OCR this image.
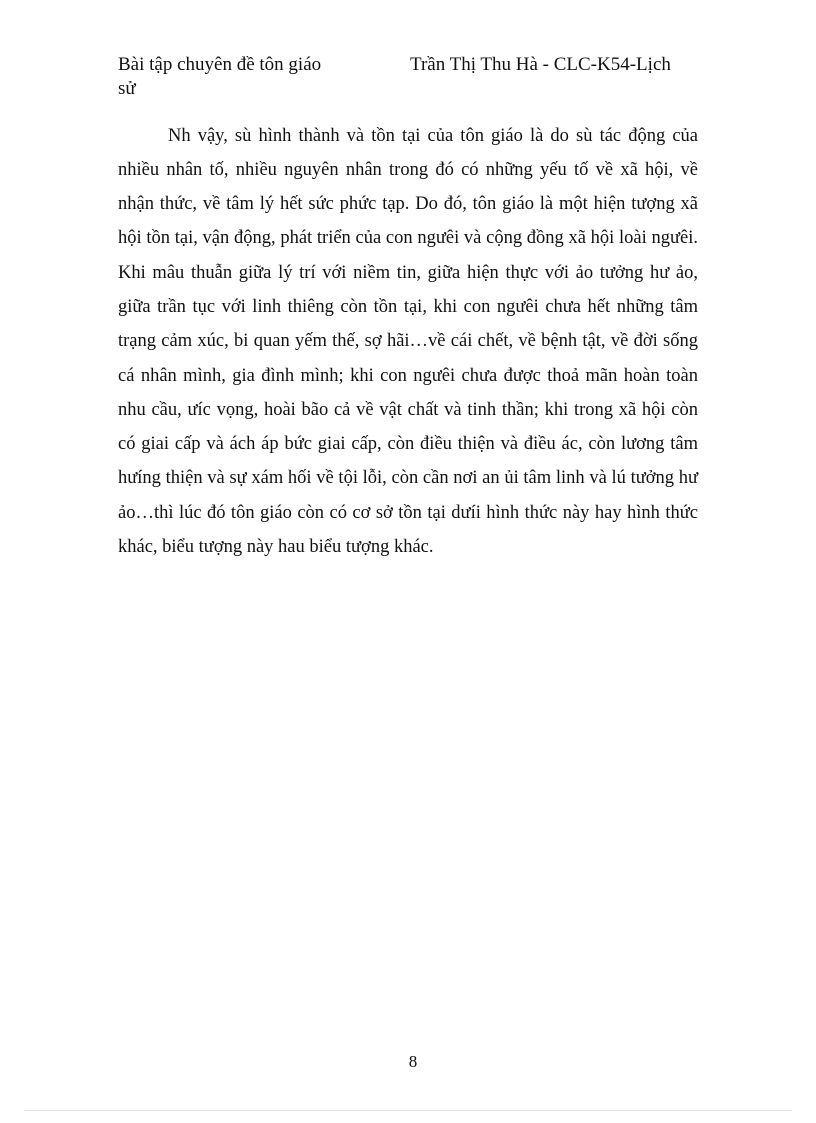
Bài tập chuyên đề tôn giáo	Trần Thị Thu Hà - CLC-K54-Lịch
sử

Nh vậy, sù hình thành và tồn tại của tôn giáo là do sù tác động của nhiều nhân tố, nhiều nguyên nhân trong đó có những yếu tố về xã hội, về nhận thức, về tâm lý hết sức phức tạp. Do đó, tôn giáo là một hiện tượng xã hội tồn tại, vận động, phát triển của con ngưêi và cộng đồng xã hội loài ngưêi. Khi mâu thuẫn giữa lý trí với niềm tin, giữa hiện thực với ảo tưởng hư ảo, giữa trần tục với linh thiêng còn tồn tại, khi con ngưêi chưa hết những tâm trạng cảm xúc, bi quan yếm thế, sợ hãi…về cái chết, về bệnh tật, về đời sống cá nhân mình, gia đình mình; khi con ngưêi chưa được thoả mãn hoàn toàn nhu cầu, ưíc vọng, hoài bão cả về vật chất và tinh thần; khi trong xã hội còn có giai cấp và ách áp bức giai cấp, còn điều thiện và điều ác, còn lương tâm hưíng thiện và sự xám hối về tội lỗi, còn cần nơi an ủi tâm linh và lú tưởng hư ảo…thì lúc đó tôn giáo còn có cơ sở tồn tại dưíi hình thức này hay hình thức khác, biểu tượng này hau biểu tượng khác.

8
